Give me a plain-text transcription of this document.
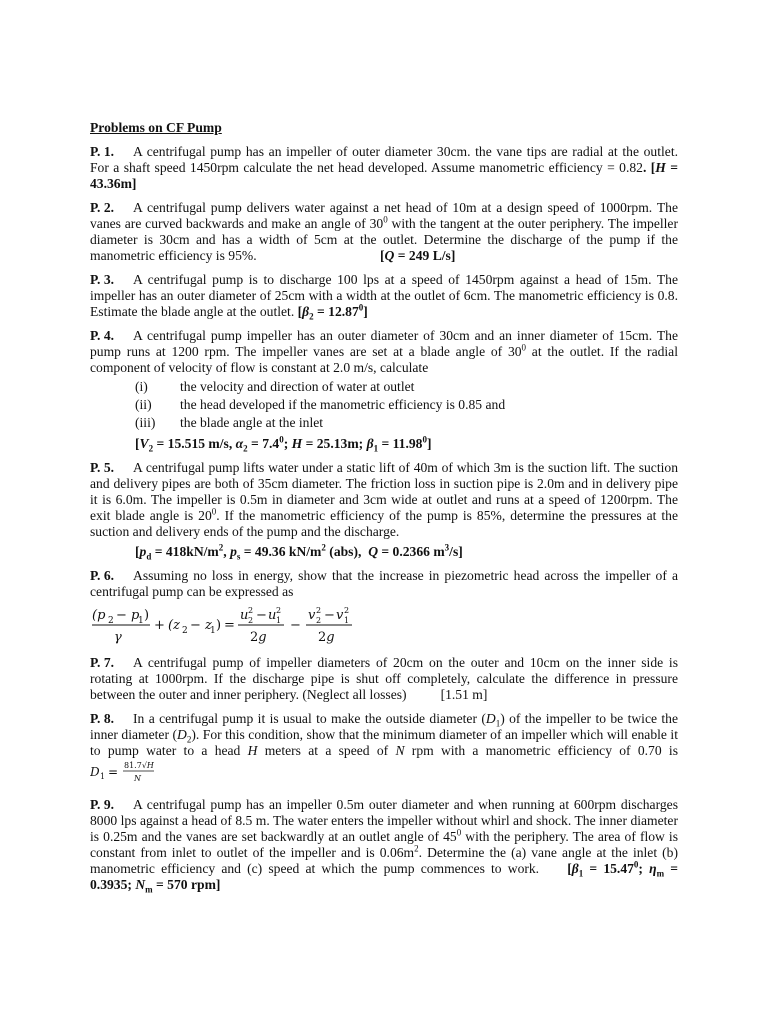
Problems on CF Pump
P. 1. A centrifugal pump has an impeller of outer diameter 30cm. the vane tips are radial at the outlet. For a shaft speed 1450rpm calculate the net head developed. Assume manometric efficiency = 0.82. [H = 43.36m]
P. 2. A centrifugal pump delivers water against a net head of 10m at a design speed of 1000rpm. The vanes are curved backwards and make an angle of $30^0$ with the tangent at the outer periphery. The impeller diameter is 30cm and has a width of 5cm at the outlet. Determine the discharge of the pump if the manometric efficiency is 95%.	[Q = 249 L/s]
P. 3. A centrifugal pump is to discharge 100 lps at a speed of 1450rpm against a head of 15m. The impeller has an outer diameter of 25cm with a width at the outlet of 6cm. The manometric efficiency is 0.8. Estimate the blade angle at the outlet. $[\beta_2 = 12.87^0]$
P. 4. A centrifugal pump impeller has an outer diameter of 30cm and an inner diameter of 15cm. The pump runs at 1200 rpm. The impeller vanes are set at a blade angle of $30^0$ at the outlet. If the radial component of velocity of flow is constant at 2.0 m/s, calculate
(i)	the velocity and direction of water at outlet
(ii)	the head developed if the manometric efficiency is 0.85 and
(iii)	the blade angle at the inlet
[$V_2 = 15.515$ m/s, $\alpha_2 = 7.4^0$; H = 25.13m; $\beta_1 = 11.98^0$]
P. 5. A centrifugal pump lifts water under a static lift of 40m of which 3m is the suction lift. The suction and delivery pipes are both of 35cm diameter. The friction loss in suction pipe is 2.0m and in delivery pipe it is 6.0m. The impeller is 0.5m in diameter and 3cm wide at outlet and runs at a speed of 1200rpm. The exit blade angle is $20^0$. If the manometric efficiency of the pump is 85%, determine the pressures at the suction and delivery ends of the pump and the discharge.
[$p_d = 418kN/m^2$, $p_s = 49.36$ $kN/m^2$ (abs),  Q = 0.2366 $m^3/s$]
P. 6. Assuming no loss in energy, show that the increase in piezometric head across the impeller of a centrifugal pump can be expressed as
(p 2 − p
1 )
γ
+ (z 2 − z
1 ) =
u 2
2 − u 2
1
2g
−
v 2
2 − v 2
1
2g
P. 7. A centrifugal pump of impeller diameters of 20cm on the outer and 10cm on the inner side is rotating at 1000rpm. If the discharge pipe is shut off completely, calculate the difference in pressure between the outer and inner periphery. (Neglect all losses)	[1.51 m]
P. 8. In a centrifugal pump it is usual to make the outside diameter $(D_1)$ of the impeller to be twice the inner diameter $(D_2)$. For this condition, show that the minimum diameter of an impeller which will enable it to pump water to a head H meters at a speed of N rpm with a manometric efficiency of 0.70 is
D 1 = 81.7√H
N
P. 9. A centrifugal pump has an impeller 0.5m outer diameter and when running at 600rpm discharges 8000 lps against a head of 8.5 m. The water enters the impeller without whirl and shock. The inner diameter is 0.25m and the vanes are set backwardly at an outlet angle of $45^0$ with the periphery. The area of flow is constant from inlet to outlet of the impeller and is $0.06m^2$. Determine the (a) vane angle at the inlet (b) manometric efficiency and (c) speed at which the pump commences to work. [$\beta_1 = 15.47^0$; $\eta_m = 0.3935$; $N_m = 570$ rpm]
